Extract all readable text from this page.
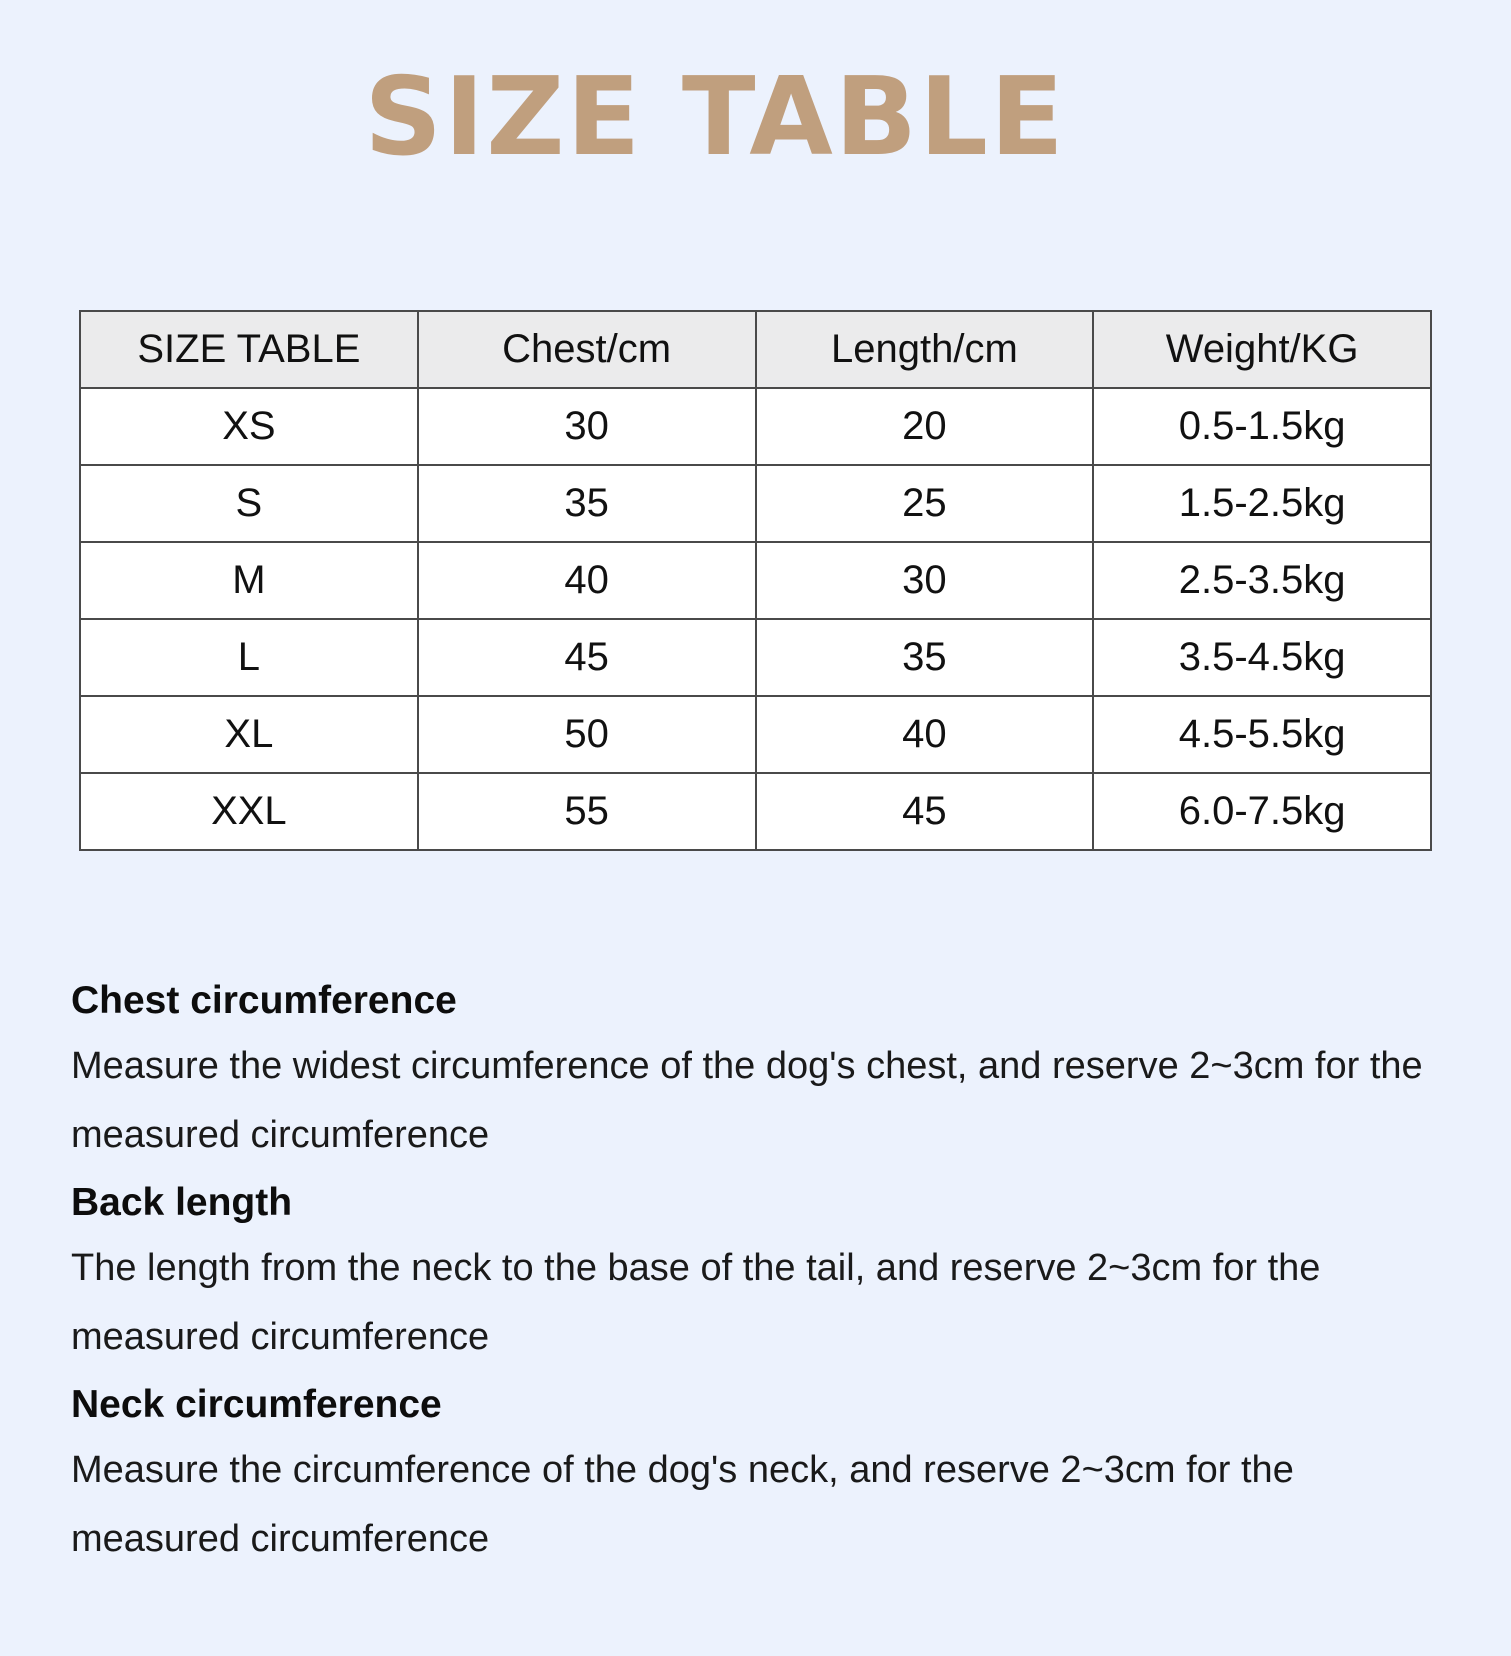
SIZE TABLE
SIZE TABLE	Chest/cm	Length/cm	Weight/KG
XS	30	20	0.5-1.5kg
S	35	25	1.5-2.5kg
M	40	30	2.5-3.5kg
L	45	35	3.5-4.5kg
XL	50	40	4.5-5.5kg
XXL	55	45	6.0-7.5kg

Chest circumference

Measure the widest circumference of the dog's chest, and reserve 2~3cm for the measured circumference

Back length

The length from the neck to the base of the tail, and reserve 2~3cm for the measured circumference

Neck circumference

Measure the circumference of the dog's neck, and reserve 2~3cm for the measured circumference
